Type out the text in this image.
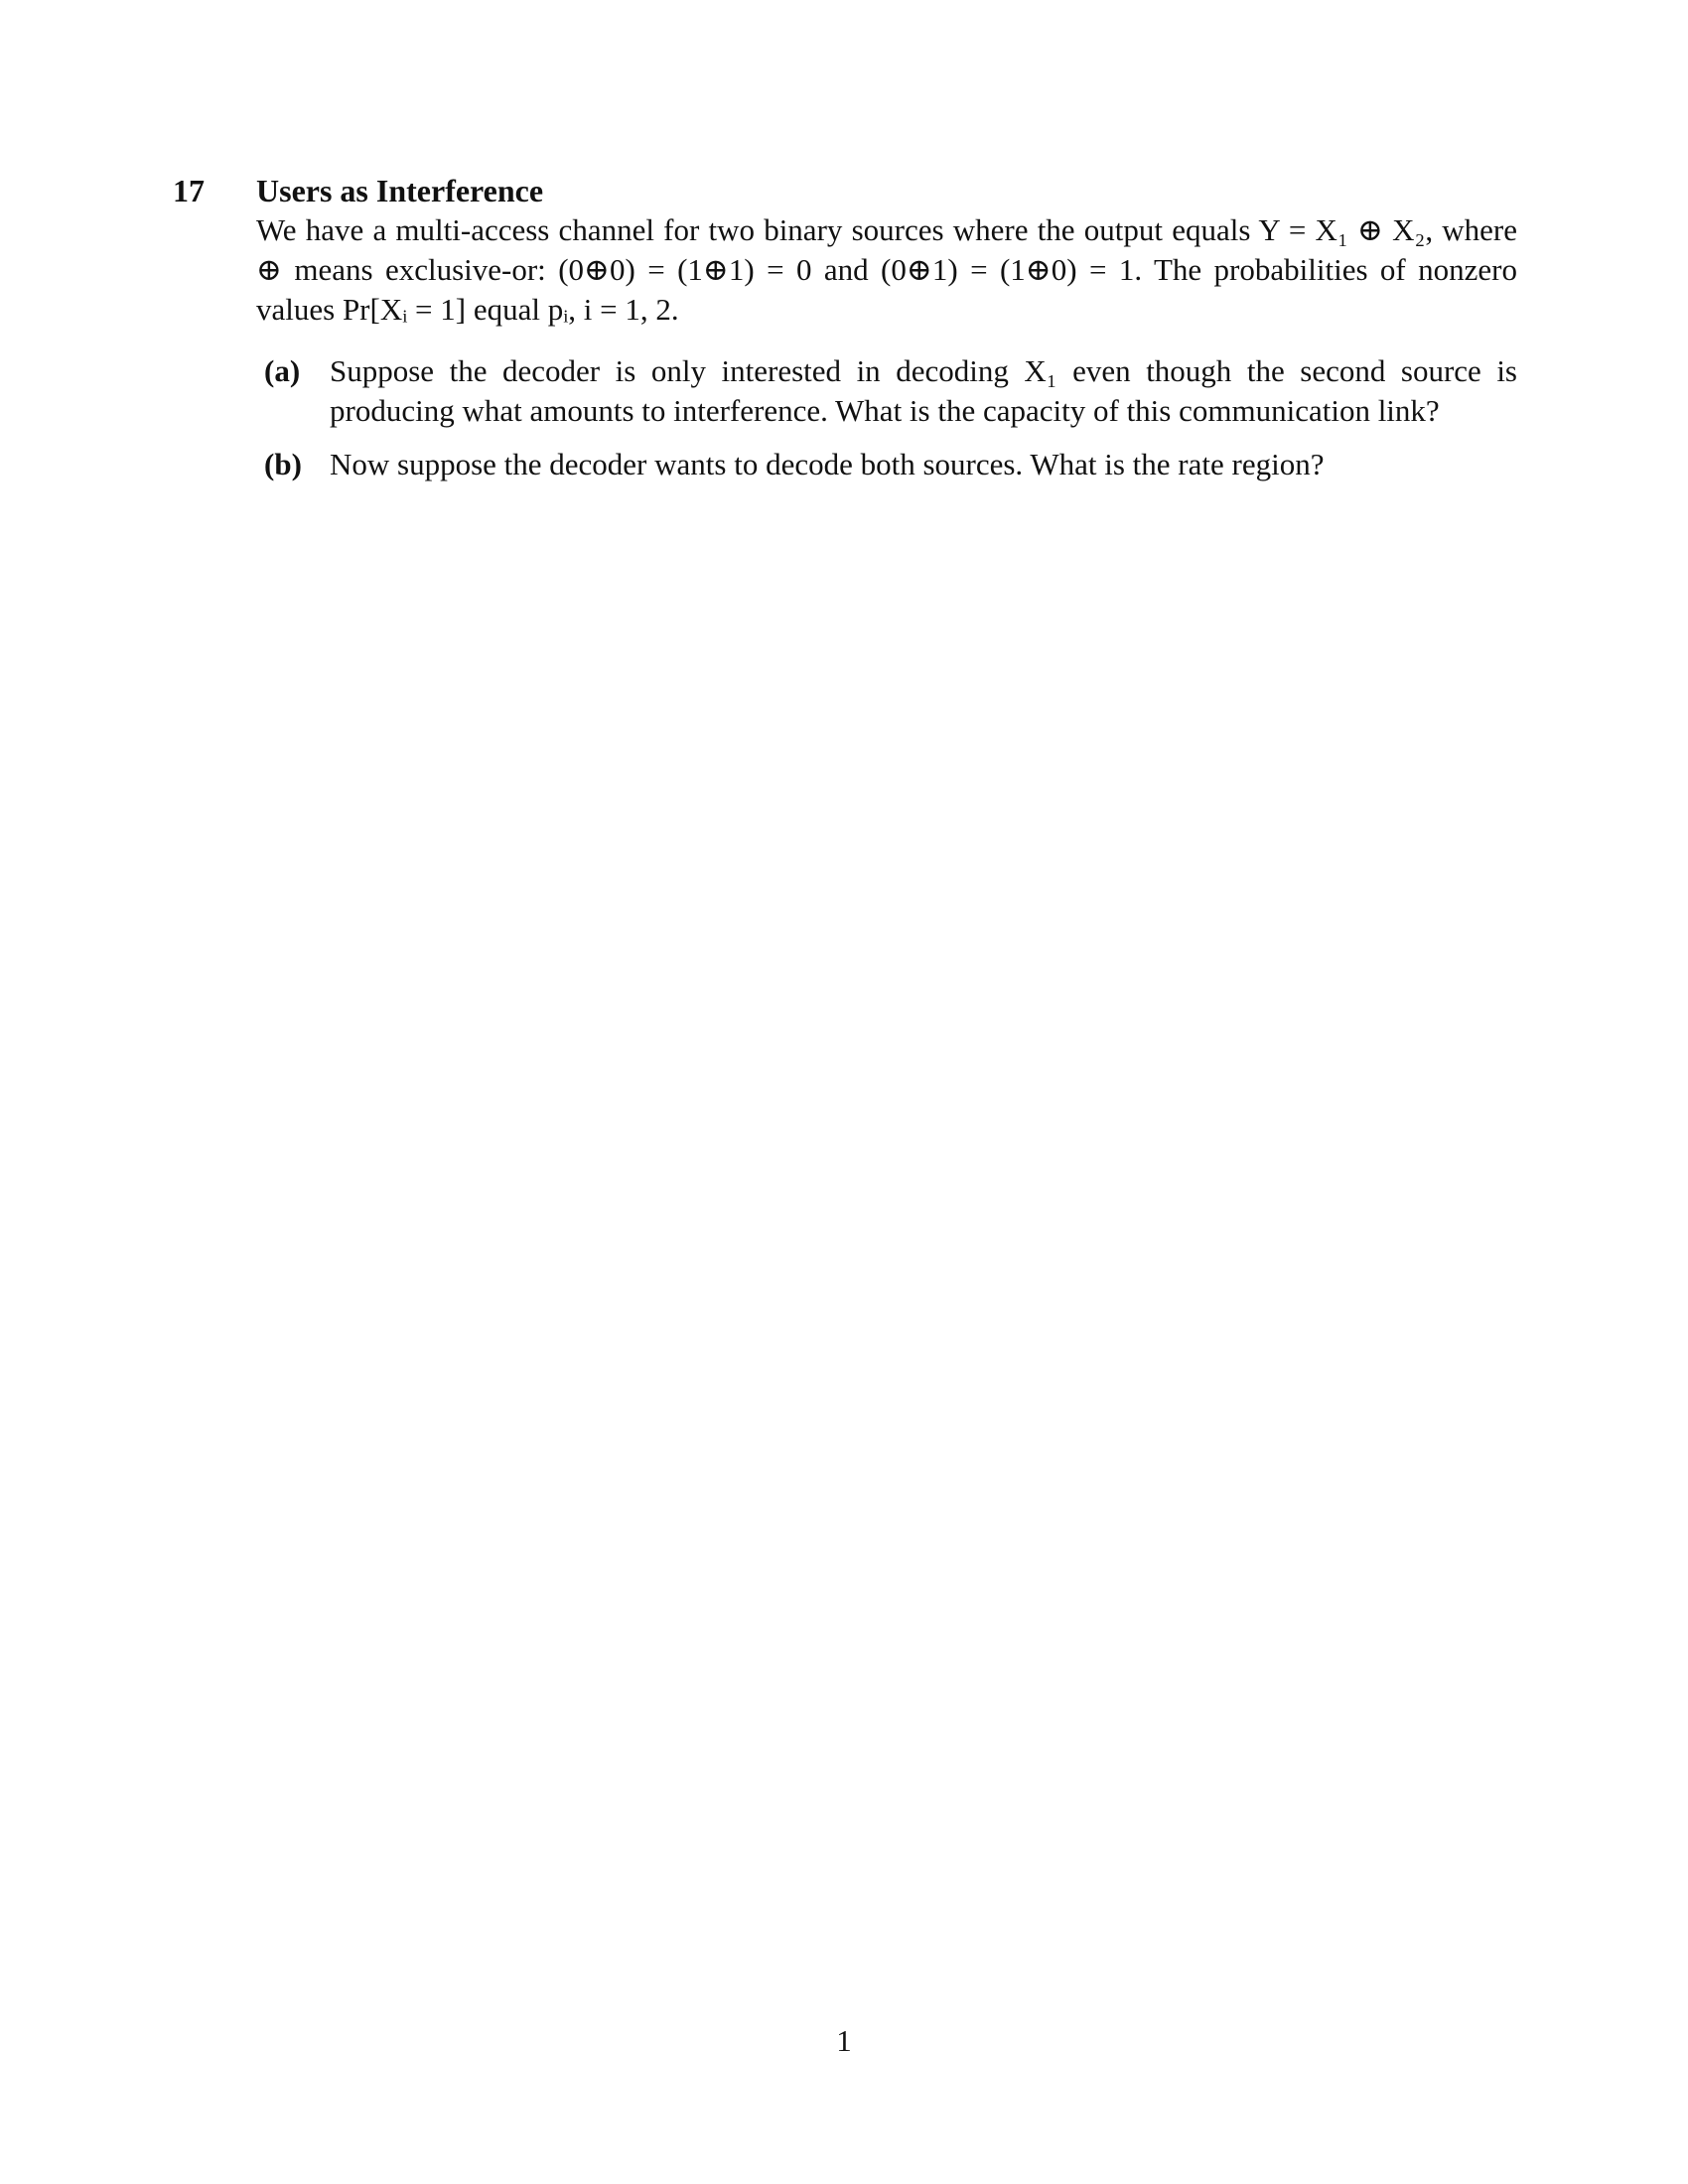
17 Users as Interference

We have a multi-access channel for two binary sources where the output equals Y = X₁ ⊕ X₂, where ⊕ means exclusive-or: (0⊕0) = (1⊕1) = 0 and (0⊕1) = (1⊕0) = 1. The probabilities of nonzero values Pr[Xᵢ = 1] equal pᵢ, i = 1, 2.

(a) Suppose the decoder is only interested in decoding X₁ even though the second source is producing what amounts to interference. What is the capacity of this communication link?
(b) Now suppose the decoder wants to decode both sources. What is the rate region?
1
